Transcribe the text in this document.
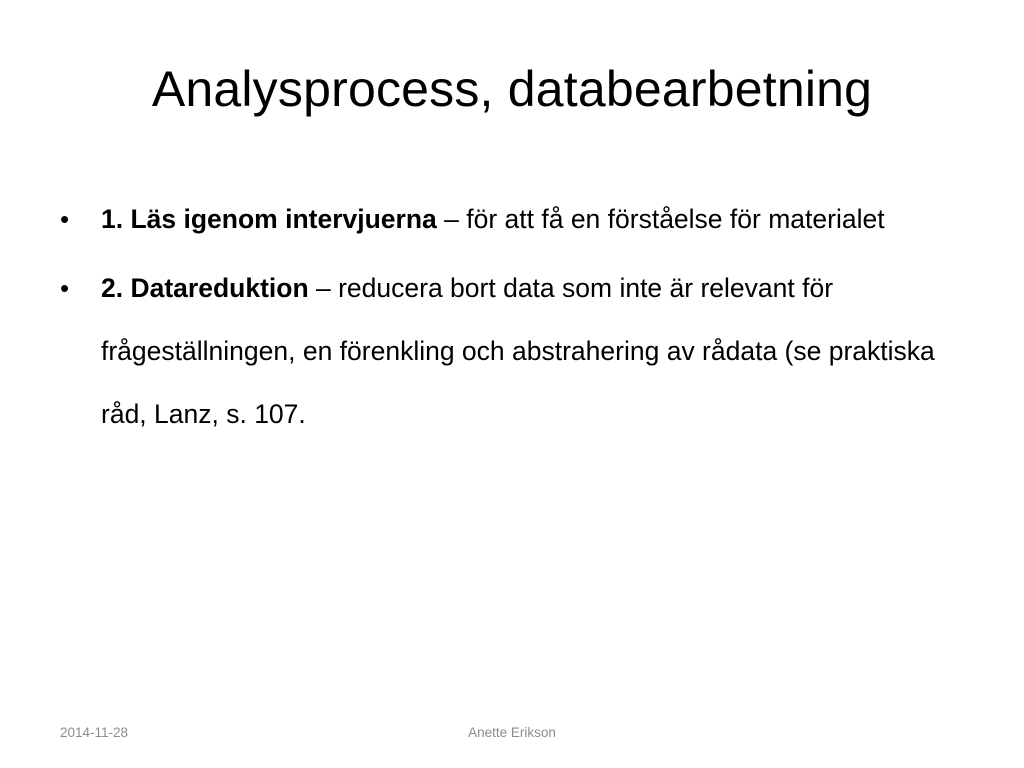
Analysprocess, databearbetning
• 1. Läs igenom intervjuerna – för att få en förståelse för materialet
• 2. Datareduktion – reducera bort data som inte är relevant för frågeställningen, en förenkling och abstrahering av rådata (se praktiska råd, Lanz, s. 107.
2014-11-28	Anette Erikson
